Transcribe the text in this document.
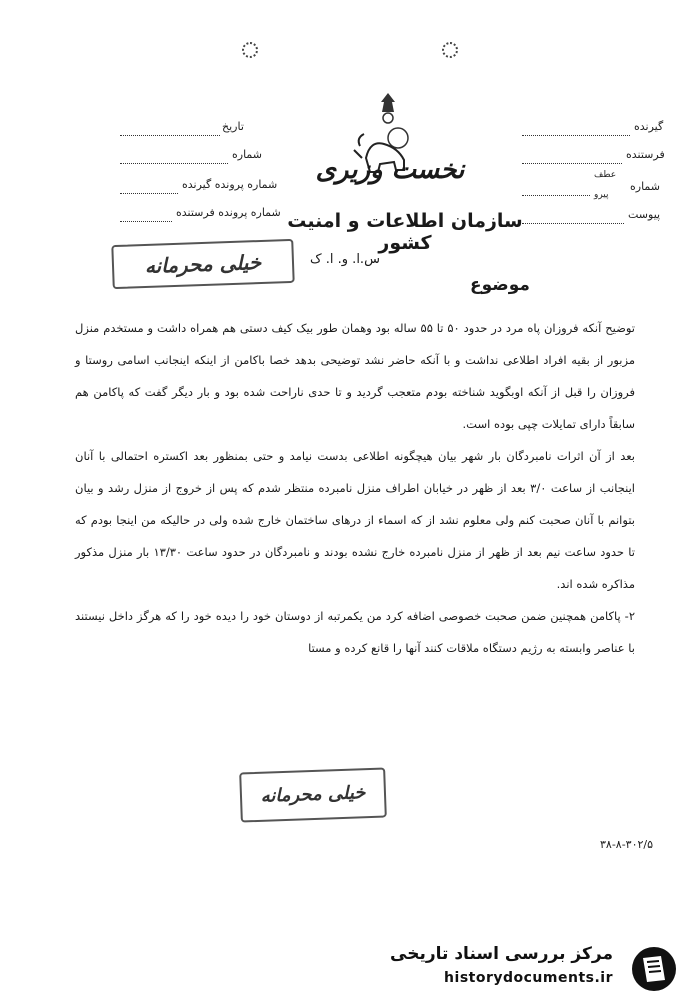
نخست وزیری
سازمان اطلاعات و امنیت کشور
س.ا. و. ا. ک
تاریخ
شماره
شماره پرونده گیرنده
شماره پرونده فرستنده
گیرنده
فرستنده
شماره
عطف
پیرو
پیوست
خیلی محرمانه
موضوع

توضیح آنکه فروزان پاه مرد در حدود ۵۰ تا ۵۵ ساله بود وهمان طور بیک کیف دستی هم همراه داشت و مستخدم منزل مزبور از بقیه افراد اطلاعی نداشت و با آنکه حاضر نشد توضیحی بدهد خصا باکامن از اینکه اینجانب اسامی روستا و فروزان را قبل از آنکه اوبگوید شناخته بودم متعجب گردید و تا حدی ناراحت شده بود و بار دیگر گفت که پاکامن هم سابقاً دارای تمایلات چپی بوده است.

بعد از آن اثرات نامبردگان بار شهر بیان هیچگونه اطلاعی بدست نیامد و حتی بمنظور بعد اکستره احتمالی با آنان اینجانب از ساعت ۳/۰ بعد از ظهر در خیابان اطراف منزل نامبرده منتظر شدم که پس از خروج از منزل رشد و بیان بتوانم با آنان صحبت کنم ولی معلوم نشد از که اسماء از درهای ساختمان خارج شده ولی در حالیکه من اینجا بودم که تا حدود ساعت نیم بعد از ظهر از منزل نامبرده خارج نشده بودند و نامبردگان در حدود ساعت ۱۳/۳۰ بار منزل مذکور مذاکره شده اند.

۲- پاکامن همچنین ضمن صحبت خصوصی اضافه کرد من یکمرتبه از دوستان خود را دیده خود را که هرگز داخل نیستند با عناصر وابسته به رژیم دستگاه ملاقات کنند آنها را قانع کرده و مستا

خیلی محرمانه
۳۸-۸-۳۰۲/۵
مرکز بررسی اسناد تاریخی
historydocuments.ir
